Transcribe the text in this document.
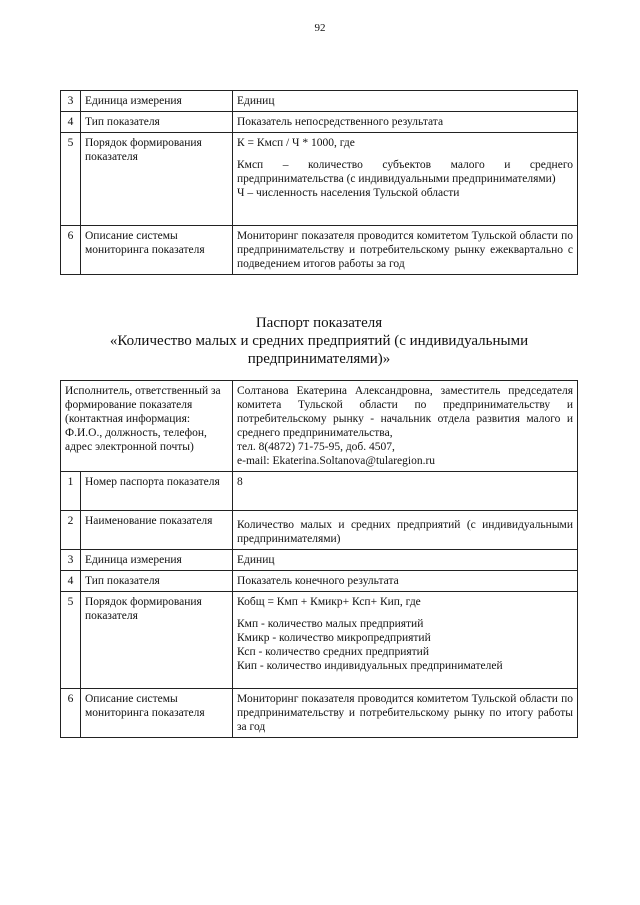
92
3	Единица измерения	Единиц
4	Тип показателя	Показатель непосредственного результата
5	Порядок формирования показателя	К = Кмсп / Ч * 1000, где
Кмсп – количество субъектов малого и среднего предпринимательства (с индивидуальными предпринимателями)
Ч – численность населения Тульской области

6	Описание системы мониторинга показателя	Мониторинг показателя проводится комитетом Тульской области по предпринимательству и потребительскому рынку ежеквартально с подведением итогов работы за год
Паспорт показателя
«Количество малых и средних предприятий (с индивидуальными
предпринимателями)»
Исполнитель, ответственный за формирование показателя (контактная информация: Ф.И.О., должность, телефон, адрес электронной почты)		Солтанова Екатерина Александровна, заместитель председателя комитета Тульской области по предпринимательству и потребительскому рынку - начальник отдела развития малого и среднего предпринимательства,
тел. 8(4872) 71-75-95, доб. 4507,
e-mail: Ekaterina.Soltanova@tularegion.ru

1	Номер паспорта показателя	8
2	Наименование показателя	Количество малых и средних предприятий (с индивидуальными предпринимателями)
3	Единица измерения	Единиц
4	Тип показателя	Показатель конечного результата
5	Порядок формирования показателя	Кобщ = Кмп + Кмикр+ Ксп+ Кип, где
Кмп - количество малых предприятий
Кмикр - количество микропредприятий
Ксп - количество средних предприятий
Кип - количество индивидуальных предпринимателей

6	Описание системы мониторинга показателя	Мониторинг показателя проводится комитетом Тульской области по предпринимательству и потребительскому рынку по итогу работы за год
